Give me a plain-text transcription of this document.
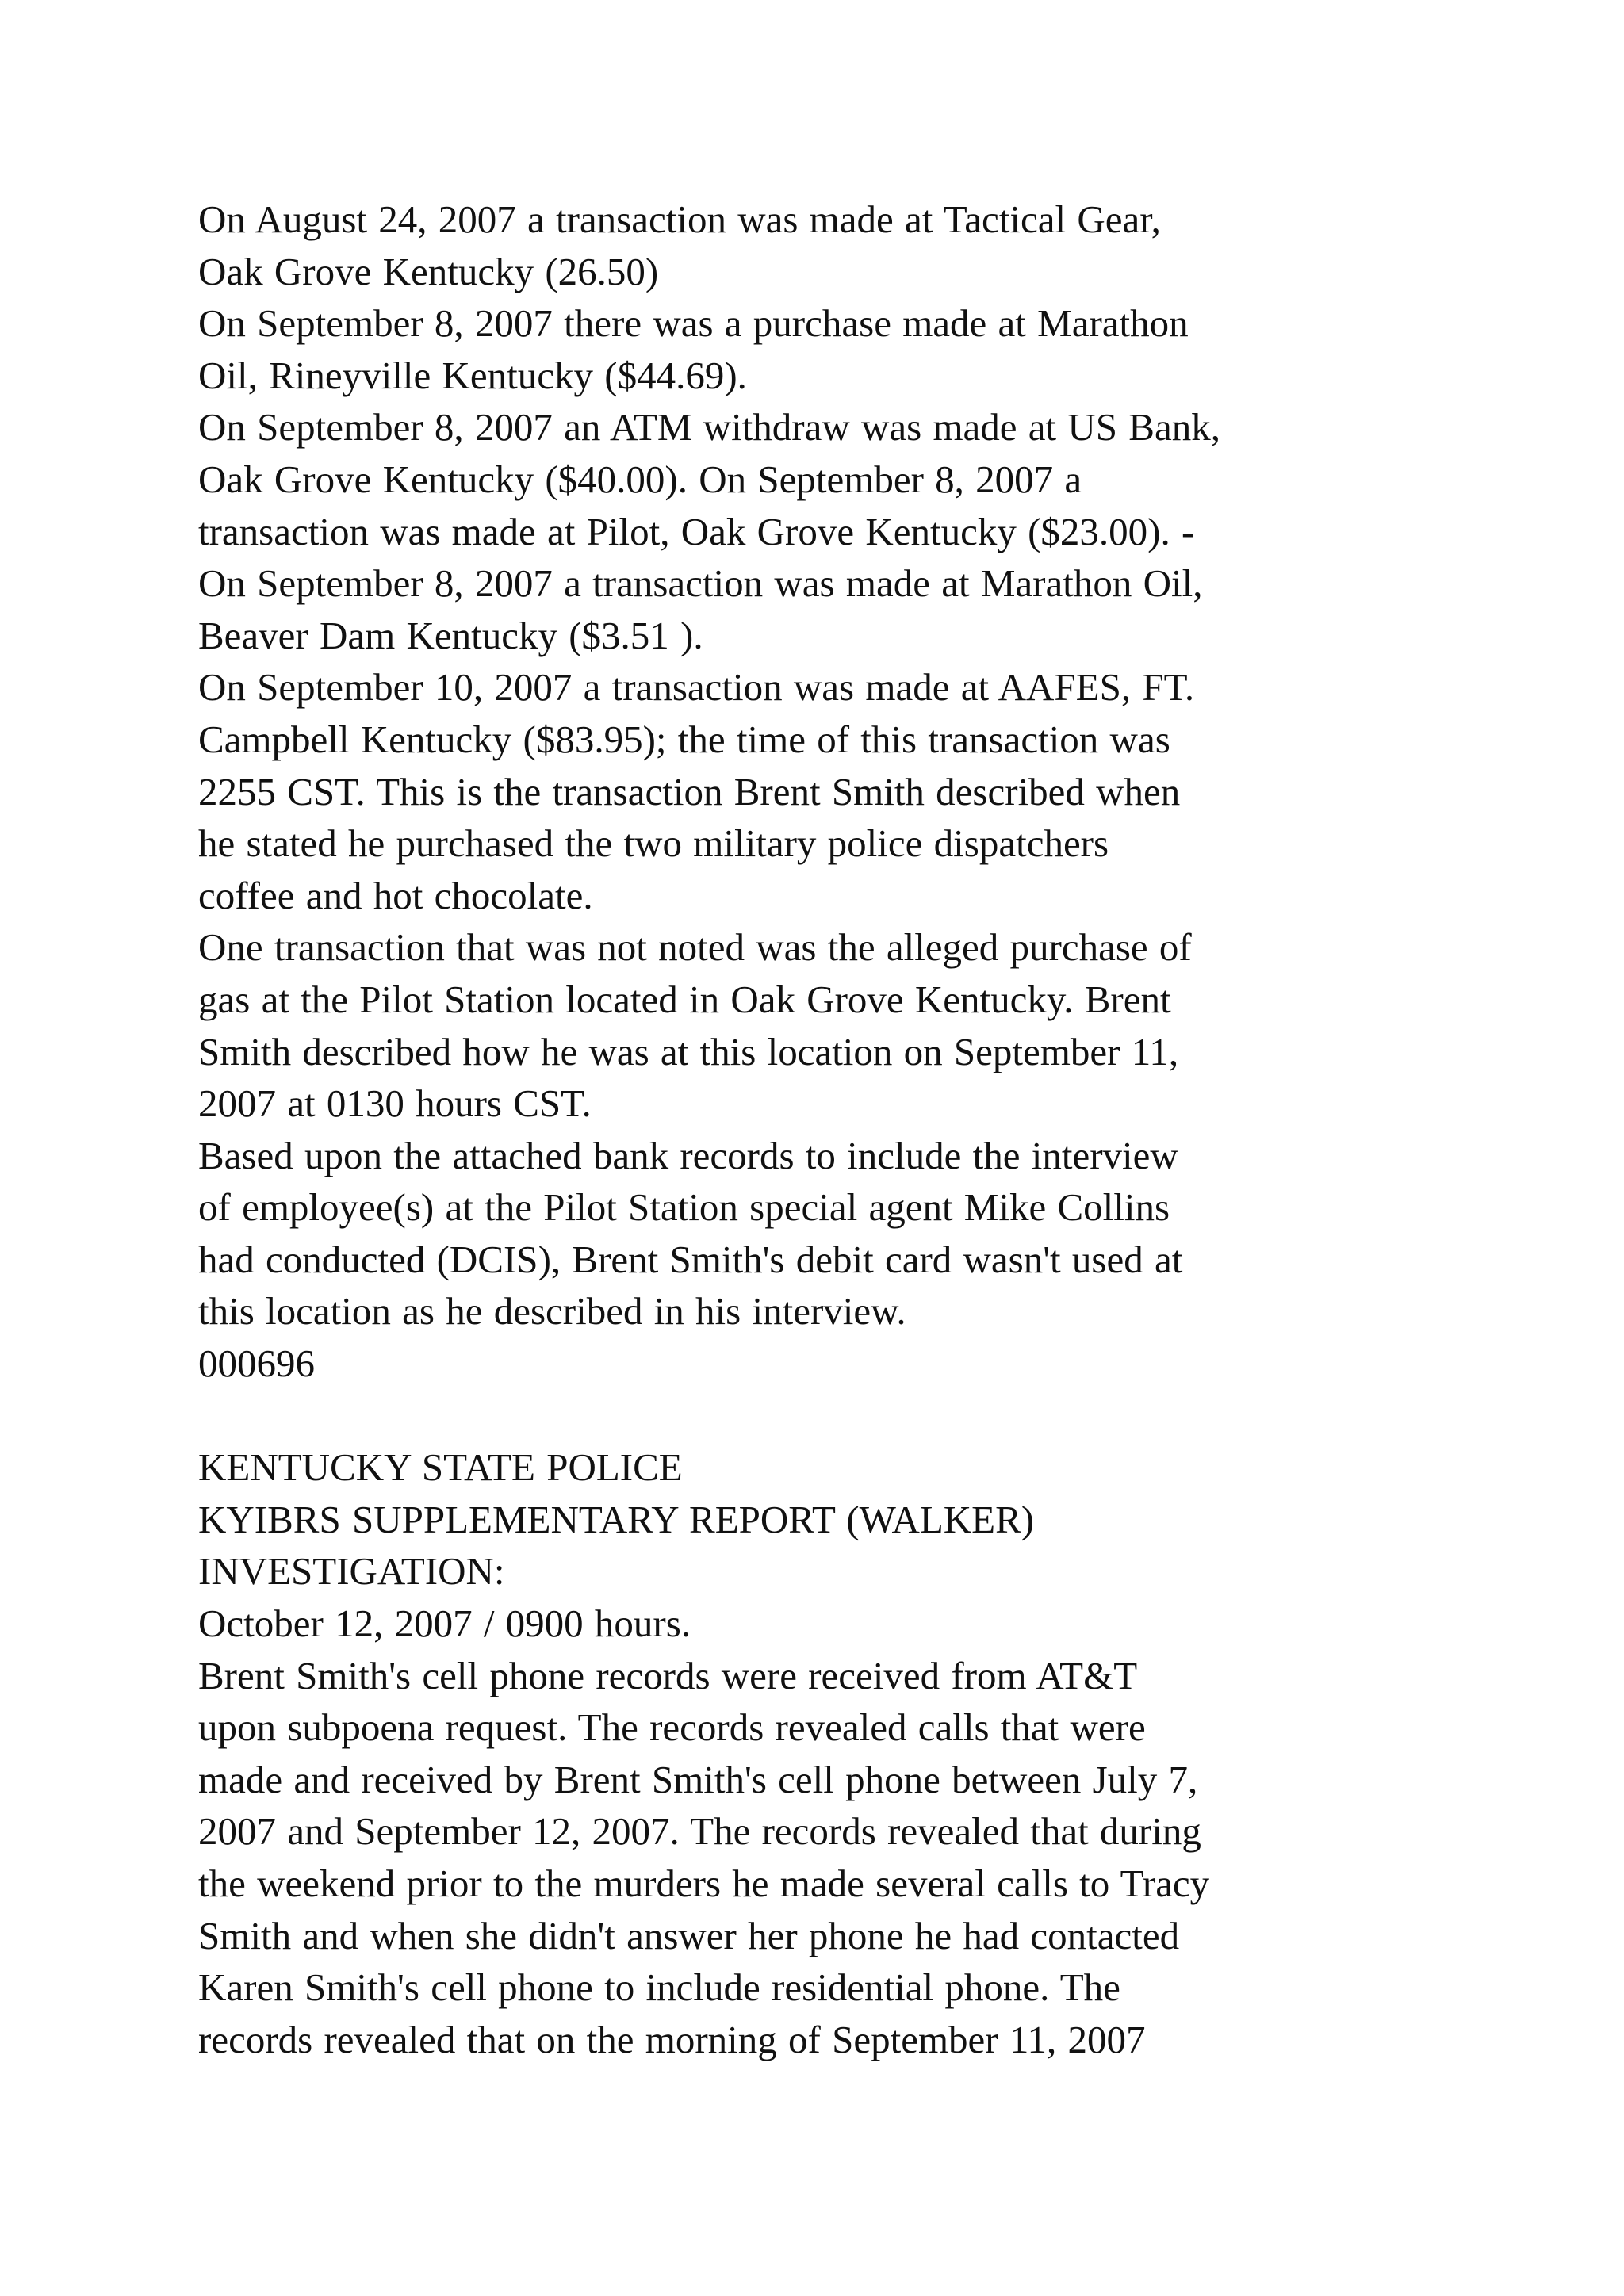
On August 24, 2007 a transaction was made at Tactical Gear,
Oak Grove Kentucky (26.50)
On September 8, 2007 there was a purchase made at Marathon
Oil, Rineyville Kentucky ($44.69).
On September 8, 2007 an ATM withdraw was made at US Bank,
Oak Grove Kentucky ($40.00). On September 8, 2007 a
transaction was made at Pilot, Oak Grove Kentucky ($23.00). -
On September 8, 2007 a transaction was made at Marathon Oil,
Beaver Dam Kentucky ($3.51 ).
On September 10, 2007 a transaction was made at AAFES, FT.
Campbell Kentucky ($83.95); the time of this transaction was
2255 CST. This is the transaction Brent Smith described when
he stated he purchased the two military police dispatchers
coffee and hot chocolate.
One transaction that was not noted was the alleged purchase of
gas at the Pilot Station located in Oak Grove Kentucky. Brent
Smith described how he was at this location on September 11,
2007 at 0130 hours CST.
Based upon the attached bank records to include the interview
of employee(s) at the Pilot Station special agent Mike Collins
had conducted (DCIS), Brent Smith's debit card wasn't used at
this location as he described in his interview.
000696
KENTUCKY STATE POLICE
KYIBRS SUPPLEMENTARY REPORT (WALKER)
INVESTIGATION:
October 12, 2007 / 0900 hours.
Brent Smith's cell phone records were received from AT&T
upon subpoena request. The records revealed calls that were
made and received by Brent Smith's cell phone between July 7,
2007 and September 12, 2007. The records revealed that during
the weekend prior to the murders he made several calls to Tracy
Smith and when she didn't answer her phone he had contacted
Karen Smith's cell phone to include residential phone. The
records revealed that on the morning of September 11, 2007
